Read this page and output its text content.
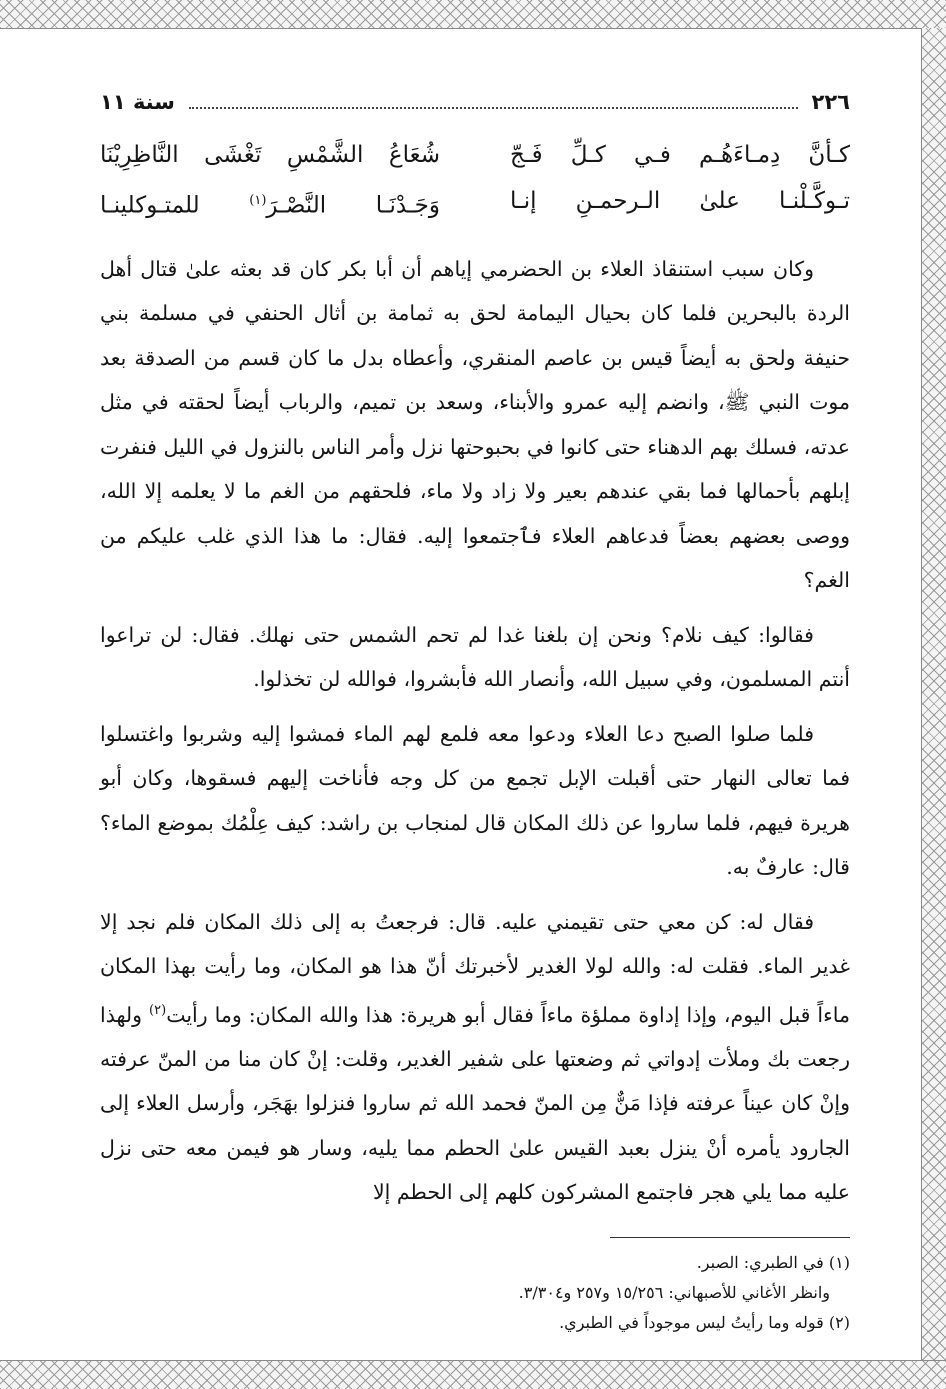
٢٢٦
سنة ١١
كـأنَّ دِمـاءَهُـم فـي كـلِّ فَـجّ
شُعَاعُ الشَّمْسِ تَغْشَى النَّاظِرِيْنَا
تـوكَّـلْنـا علىٰ الـرحمـنِ إنـا
وَجَـدْنَـا النَّصْـرَ$^{(١)}$ للمتـوكلينـا

وكان سبب استنقاذ العلاء بن الحضرمي إياهم أن أبا بكر كان قد بعثه علىٰ قتال أهل الردة بالبحرين فلما كان بحيال اليمامة لحق به ثمامة بن أثال الحنفي في مسلمة بني حنيفة ولحق به أيضاً قيس بن عاصم المنقري، وأعطاه بدل ما كان قسم من الصدقة بعد موت النبي ﷺ، وانضم إليه عمرو والأبناء، وسعد بن تميم، والرباب أيضاً لحقته في مثل عدته، فسلك بهم الدهناء حتى كانوا في بحبوحتها نزل وأمر الناس بالنزول في الليل فنفرت إبلهم بأحمالها فما بقي عندهم بعير ولا زاد ولا ماء، فلحقهم من الغم ما لا يعلمه إلا الله، ووصى بعضهم بعضاً فدعاهم العلاء فٱجتمعوا إليه. فقال: ما هذا الذي غلب عليكم من الغم؟

فقالوا: كيف نلام؟ ونحن إن بلغنا غدا لم تحم الشمس حتى نهلك. فقال: لن تراعوا أنتم المسلمون، وفي سبيل الله، وأنصار الله فأبشروا، فوالله لن تخذلوا.

فلما صلوا الصبح دعا العلاء ودعوا معه فلمع لهم الماء فمشوا إليه وشربوا واغتسلوا فما تعالى النهار حتى أقبلت الإبل تجمع من كل وجه فأناخت إليهم فسقوها، وكان أبو هريرة فيهم، فلما ساروا عن ذلك المكان قال لمنجاب بن راشد: كيف عِلْمُك بموضع الماء؟ قال: عارفٌ به.

فقال له: كن معي حتى تقيمني عليه. قال: فرجعتُ به إلى ذلك المكان فلم نجد إلا غدير الماء. فقلت له: والله لولا الغدير لأخبرتك أنّ هذا هو المكان، وما رأيت بهذا المكان ماءاً قبل اليوم، وإذا إداوة مملؤة ماءاً فقال أبو هريرة: هذا والله المكان: وما رأيت$^{(٢)}$ ولهذا رجعت بك وملأت إدواتي ثم وضعتها على شفير الغدير، وقلت: إنْ كان منا من المنّ عرفته وإنْ كان عيناً عرفته فإذا مَنٌّ مِن المنّ فحمد الله ثم ساروا فنزلوا بهَجَر، وأرسل العلاء إلى الجارود يأمره أنْ ينزل بعبد القيس علىٰ الحطم مما يليه، وسار هو فيمن معه حتى نزل عليه مما يلي هجر فاجتمع المشركون كلهم إلى الحطم إلا

(١) في الطبري: الصبر.

وانظر الأغاني للأصبهاني: ١٥/٢٥٦ و٢٥٧ و٣/٣٠٤.

(٢) قوله وما رأيتُ ليس موجوداً في الطبري.
